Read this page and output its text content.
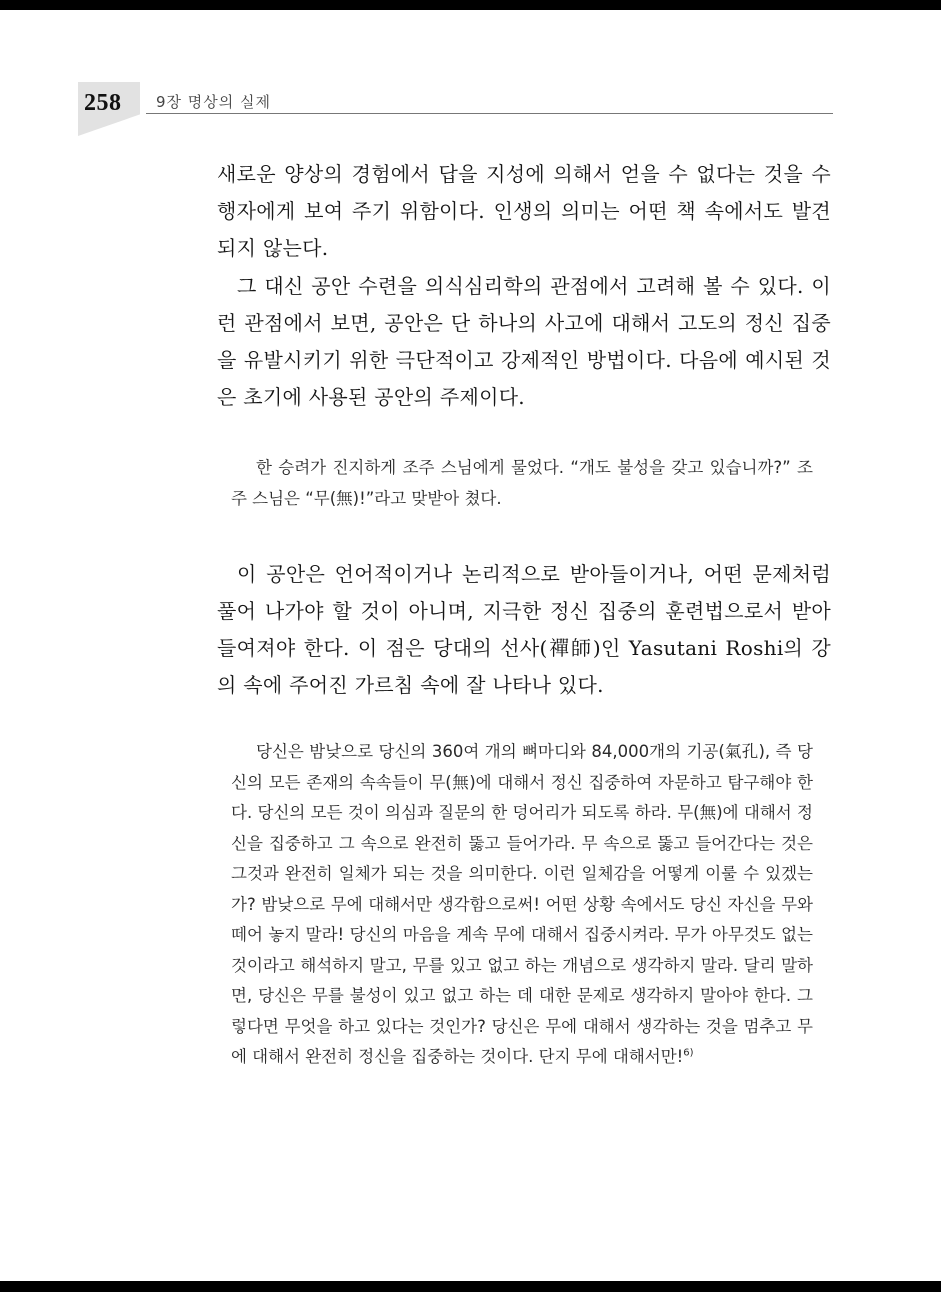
258 9장 명상의 실제

새로운 양상의 경험에서 답을 지성에 의해서 얻을 수 없다는 것을 수행자에게 보여 주기 위함이다. 인생의 의미는 어떤 책 속에서도 발견되지 않는다.

그 대신 공안 수련을 의식심리학의 관점에서 고려해 볼 수 있다. 이런 관점에서 보면, 공안은 단 하나의 사고에 대해서 고도의 정신 집중을 유발시키기 위한 극단적이고 강제적인 방법이다. 다음에 예시된 것은 초기에 사용된 공안의 주제이다.

한 승려가 진지하게 조주 스님에게 물었다. “개도 불성을 갖고 있습니까?” 조주 스님은 “무(無)!”라고 맞받아 쳤다.

이 공안은 언어적이거나 논리적으로 받아들이거나, 어떤 문제처럼 풀어 나가야 할 것이 아니며, 지극한 정신 집중의 훈련법으로서 받아들여져야 한다. 이 점은 당대의 선사(禪師)인 Yasutani Roshi의 강의 속에 주어진 가르침 속에 잘 나타나 있다.

당신은 밤낮으로 당신의 360여 개의 뼈마디와 84,000개의 기공(氣孔), 즉 당신의 모든 존재의 속속들이 무(無)에 대해서 정신 집중하여 자문하고 탐구해야 한다. 당신의 모든 것이 의심과 질문의 한 덩어리가 되도록 하라. 무(無)에 대해서 정신을 집중하고 그 속으로 완전히 뚫고 들어가라. 무 속으로 뚫고 들어간다는 것은 그것과 완전히 일체가 되는 것을 의미한다. 이런 일체감을 어떻게 이룰 수 있겠는가? 밤낮으로 무에 대해서만 생각함으로써! 어떤 상황 속에서도 당신 자신을 무와 떼어 놓지 말라! 당신의 마음을 계속 무에 대해서 집중시켜라. 무가 아무것도 없는 것이라고 해석하지 말고, 무를 있고 없고 하는 개념으로 생각하지 말라. 달리 말하면, 당신은 무를 불성이 있고 없고 하는 데 대한 문제로 생각하지 말아야 한다. 그렇다면 무엇을 하고 있다는 것인가? 당신은 무에 대해서 생각하는 것을 멈추고 무에 대해서 완전히 정신을 집중하는 것이다. 단지 무에 대해서만!$^{6)}$
